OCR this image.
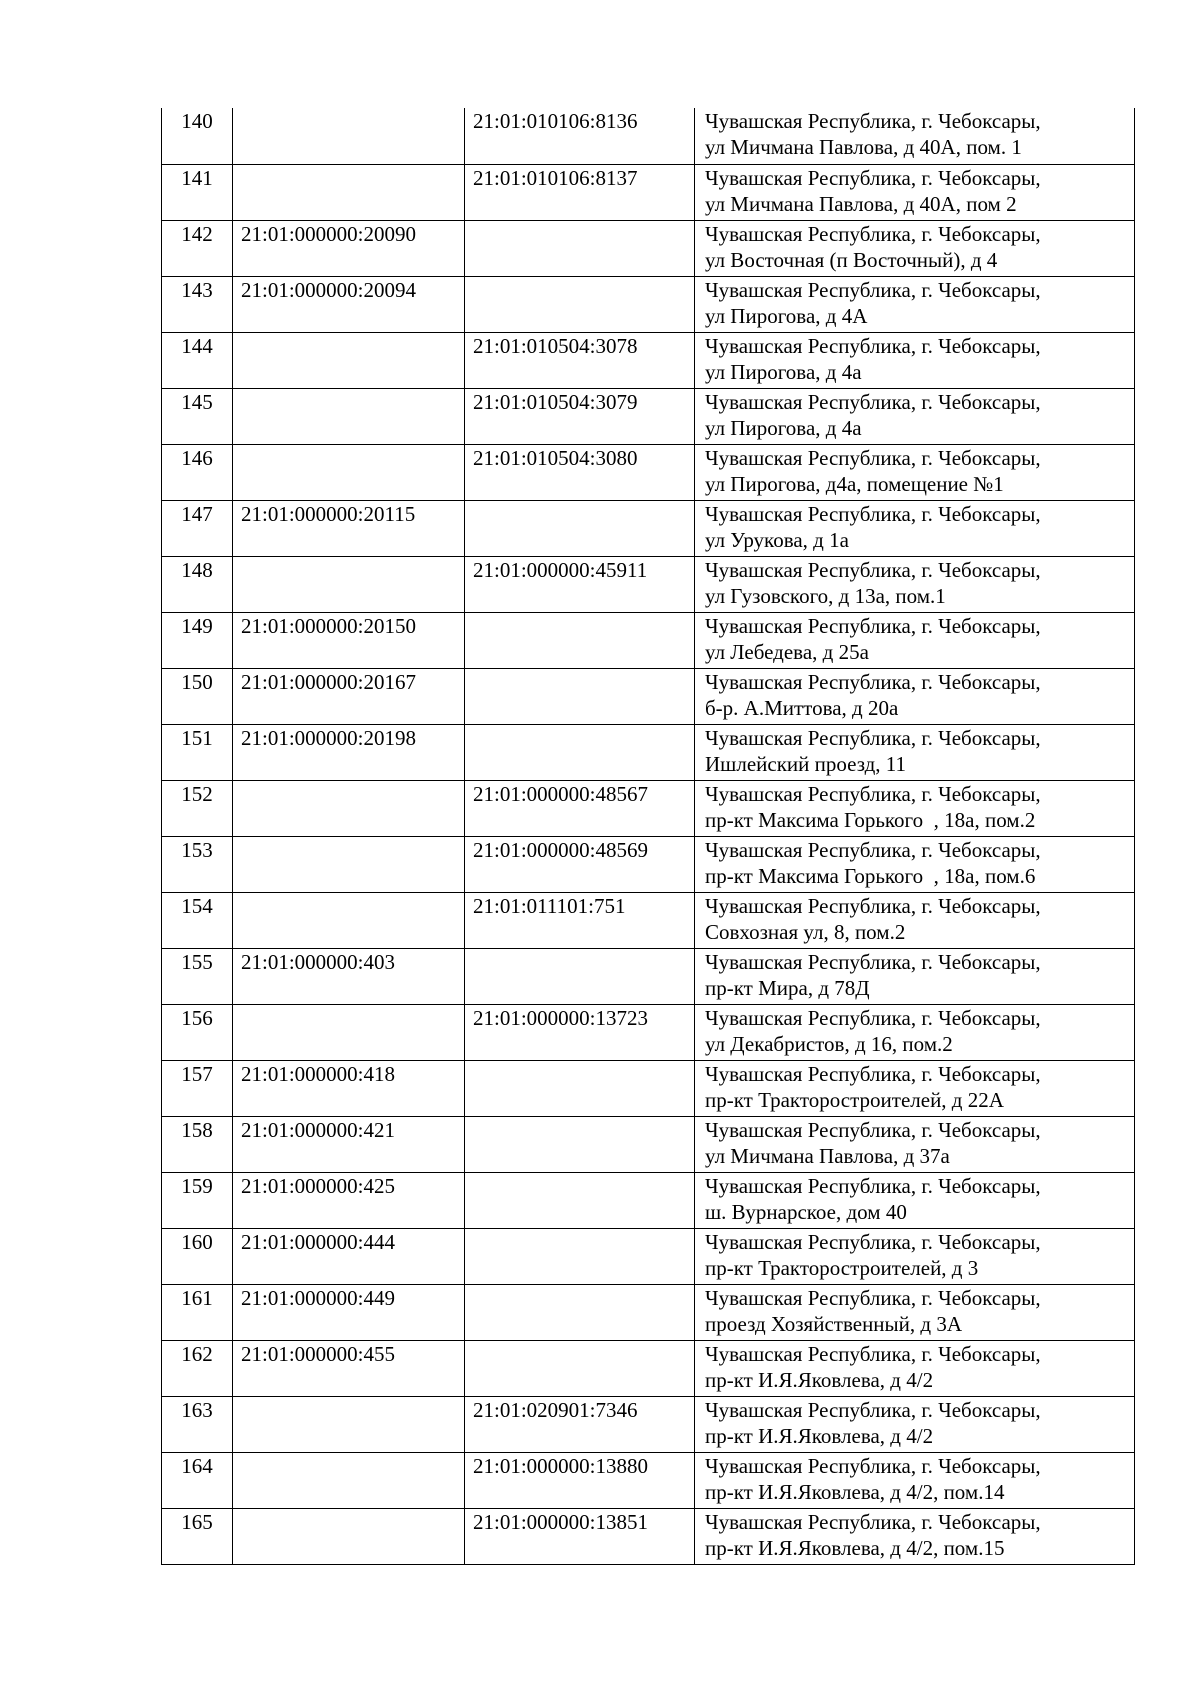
140		21:01:010106:8136	Чувашская Республика, г. Чебоксары,
ул Мичмана Павлова, д 40А, пом. 1

141		21:01:010106:8137	Чувашская Республика, г. Чебоксары,
ул Мичмана Павлова, д 40А, пом 2

142	21:01:000000:20090		Чувашская Республика, г. Чебоксары,
ул Восточная (п Восточный), д 4

143	21:01:000000:20094		Чувашская Республика, г. Чебоксары,
ул Пирогова, д 4А

144		21:01:010504:3078	Чувашская Республика, г. Чебоксары,
ул Пирогова, д 4а

145		21:01:010504:3079	Чувашская Республика, г. Чебоксары,
ул Пирогова, д 4а

146		21:01:010504:3080	Чувашская Республика, г. Чебоксары,
ул Пирогова, д4а, помещение №1

147	21:01:000000:20115		Чувашская Республика, г. Чебоксары,
ул Урукова, д 1а

148		21:01:000000:45911	Чувашская Республика, г. Чебоксары,
ул Гузовского, д 13а, пом.1

149	21:01:000000:20150		Чувашская Республика, г. Чебоксары,
ул Лебедева, д 25а

150	21:01:000000:20167		Чувашская Республика, г. Чебоксары,
б-р. А.Миттова, д 20а

151	21:01:000000:20198		Чувашская Республика, г. Чебоксары,
Ишлейский проезд, 11

152		21:01:000000:48567	Чувашская Республика, г. Чебоксары,
пр-кт Максима Горького  , 18а, пом.2

153		21:01:000000:48569	Чувашская Республика, г. Чебоксары,
пр-кт Максима Горького  , 18а, пом.6

154		21:01:011101:751	Чувашская Республика, г. Чебоксары,
Совхозная ул, 8, пом.2

155	21:01:000000:403		Чувашская Республика, г. Чебоксары,
пр-кт Мира, д 78Д

156		21:01:000000:13723	Чувашская Республика, г. Чебоксары,
ул Декабристов, д 16, пом.2

157	21:01:000000:418		Чувашская Республика, г. Чебоксары,
пр-кт Тракторостроителей, д 22А

158	21:01:000000:421		Чувашская Республика, г. Чебоксары,
ул Мичмана Павлова, д 37а

159	21:01:000000:425		Чувашская Республика, г. Чебоксары,
ш. Вурнарское, дом 40

160	21:01:000000:444		Чувашская Республика, г. Чебоксары,
пр-кт Тракторостроителей, д 3

161	21:01:000000:449		Чувашская Республика, г. Чебоксары,
проезд Хозяйственный, д 3А

162	21:01:000000:455		Чувашская Республика, г. Чебоксары,
пр-кт И.Я.Яковлева, д 4/2

163		21:01:020901:7346	Чувашская Республика, г. Чебоксары,
пр-кт И.Я.Яковлева, д 4/2

164		21:01:000000:13880	Чувашская Республика, г. Чебоксары,
пр-кт И.Я.Яковлева, д 4/2, пом.14

165		21:01:000000:13851	Чувашская Республика, г. Чебоксары,
пр-кт И.Я.Яковлева, д 4/2, пом.15
